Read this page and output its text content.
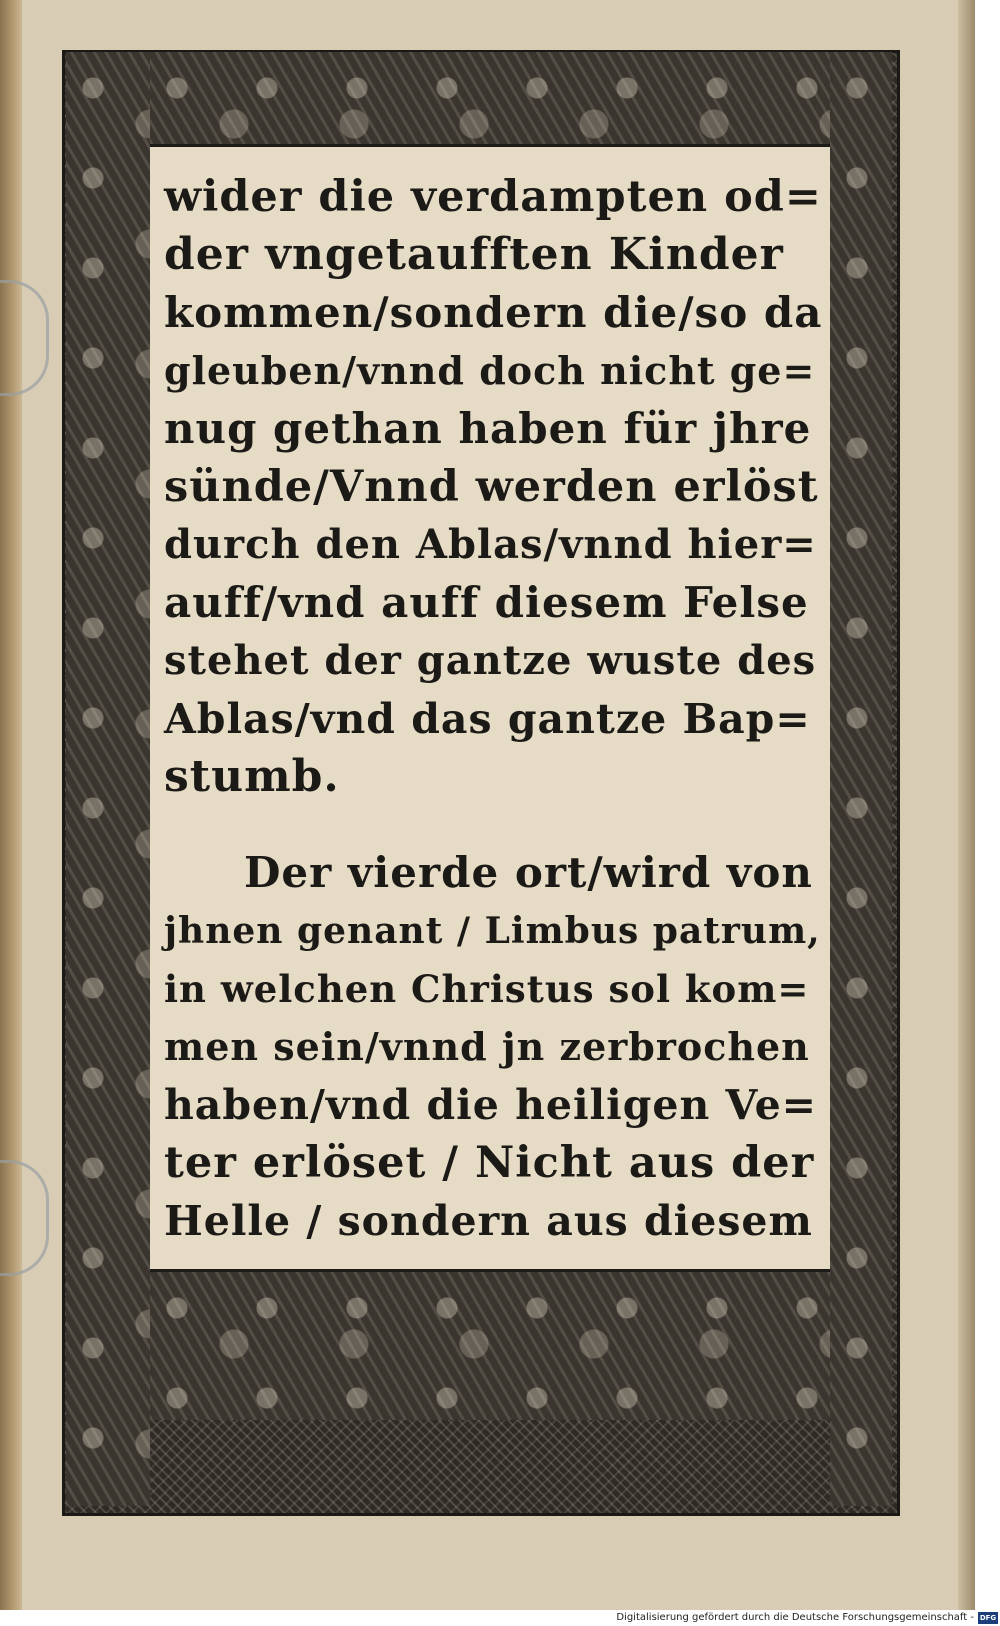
wider die verdampten od=
der vngetaufften Kinder
kommen/sondern die/so da
gleuben/vnnd doch nicht ge=
nug gethan haben für jhre
sünde/Vnnd werden erlöst
durch den Ablas/vnnd hier=
auff/vnd auff diesem Felse
stehet der gantze wuste des
Ablas/vnd das gantze Bap=
stumb.
Der vierde ort/wird von
jhnen genant / Limbus patrum,
in welchen Christus sol kom=
men sein/vnnd jn zerbrochen
haben/vnd die heiligen Ve=
ter erlöset / Nicht aus der
Helle / sondern aus diesem
Digitalisierung gefördert durch die Deutsche Forschungsgemeinschaft - DFG
